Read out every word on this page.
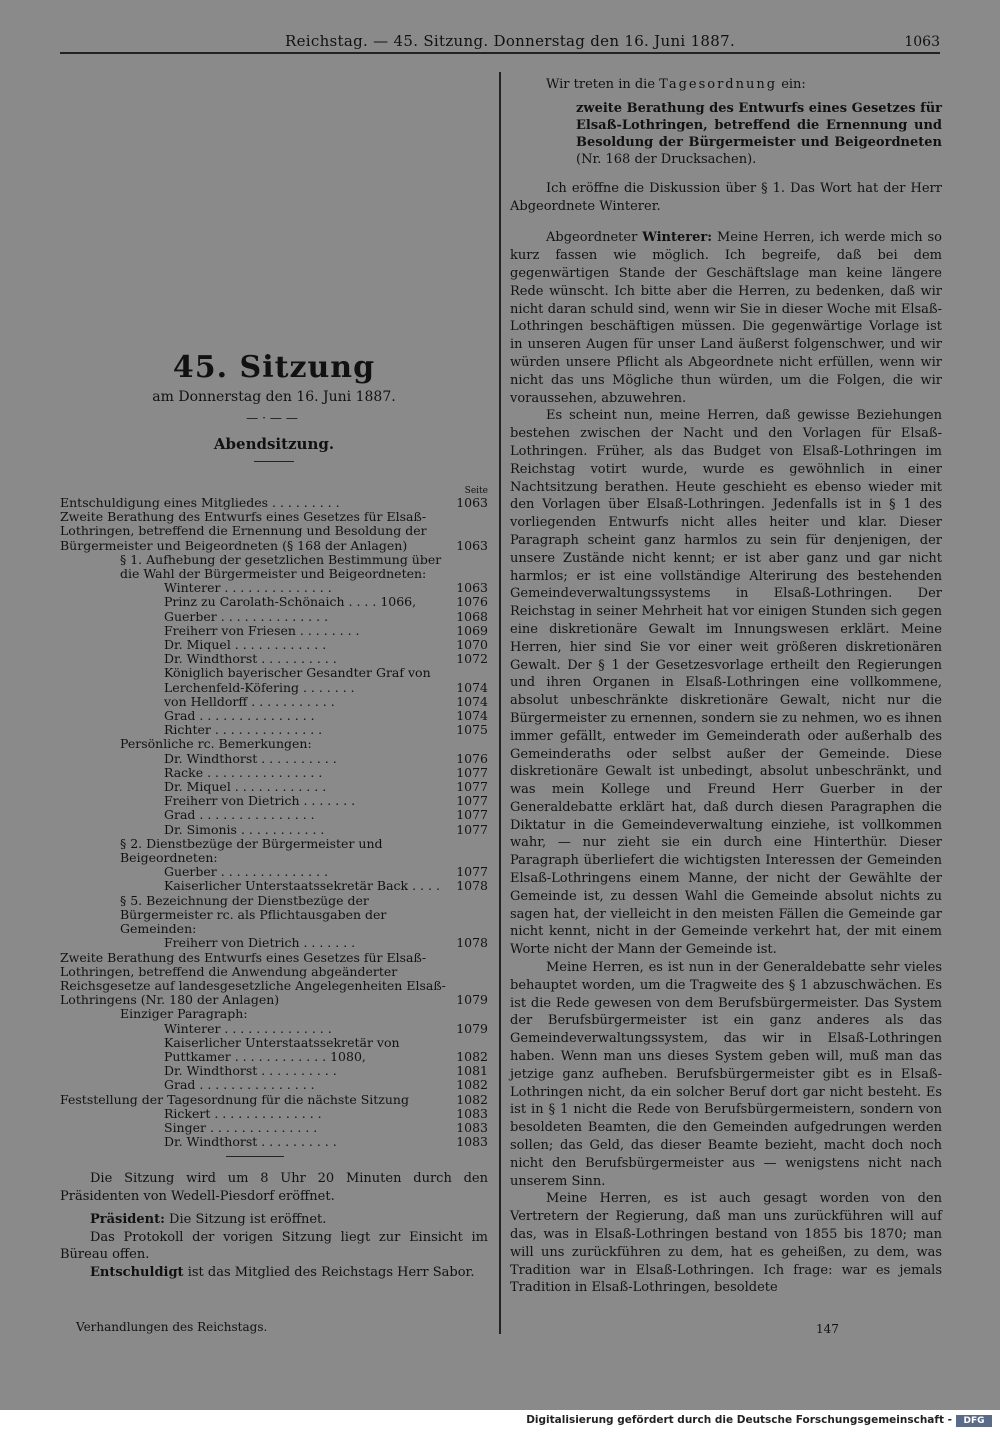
Reichstag. — 45. Sitzung. Donnerstag den 16. Juni 1887.	1063
45. Sitzung
am Donnerstag den 16. Juni 1887.
—·——
Abendsitzung.
Seite
Entschuldigung eines Mitgliedes . . . . . . . . .	1063
Zweite Berathung des Entwurfs eines Gesetzes für Elsaß-Lothringen, betreffend die Ernennung und Besoldung der Bürgermeister und Beigeordneten (§ 168 der Anlagen)	1063
§ 1. Aufhebung der gesetzlichen Bestimmung über die Wahl der Bürgermeister und Beigeordneten:
Winterer . . . . . . . . . . . . . .	1063
Prinz zu Carolath-Schönaich . . . . 1066,	1076
Guerber . . . . . . . . . . . . . .	1068
Freiherr von Friesen . . . . . . . .	1069
Dr. Miquel . . . . . . . . . . . .	1070
Dr. Windthorst . . . . . . . . . .	1072
Königlich bayerischer Gesandter Graf von Lerchenfeld-Köfering . . . . . . .	1074
von Helldorff . . . . . . . . . . .	1074
Grad . . . . . . . . . . . . . . .	1074
Richter . . . . . . . . . . . . . .	1075
Persönliche rc. Bemerkungen:
Dr. Windthorst . . . . . . . . . .	1076
Racke . . . . . . . . . . . . . . .	1077
Dr. Miquel . . . . . . . . . . . .	1077
Freiherr von Dietrich . . . . . . .	1077
Grad . . . . . . . . . . . . . . .	1077
Dr. Simonis . . . . . . . . . . .	1077
§ 2. Dienstbezüge der Bürgermeister und Beigeordneten:
Guerber . . . . . . . . . . . . . .	1077
Kaiserlicher Unterstaatssekretär Back . . . .	1078
§ 5. Bezeichnung der Dienstbezüge der Bürgermeister rc. als Pflichtausgaben der Gemeinden:
Freiherr von Dietrich . . . . . . .	1078
Zweite Berathung des Entwurfs eines Gesetzes für Elsaß-Lothringen, betreffend die Anwendung abgeänderter Reichsgesetze auf landesgesetzliche Angelegenheiten Elsaß-Lothringens (Nr. 180 der Anlagen)	1079
Einziger Paragraph:
Winterer . . . . . . . . . . . . . .	1079
Kaiserlicher Unterstaatssekretär von Puttkamer . . . . . . . . . . . . 1080,	1082
Dr. Windthorst . . . . . . . . . .	1081
Grad . . . . . . . . . . . . . . .	1082
Feststellung der Tagesordnung für die nächste Sitzung	1082
Rickert . . . . . . . . . . . . . .	1083
Singer . . . . . . . . . . . . . .	1083
Dr. Windthorst . . . . . . . . . .	1083

Die Sitzung wird um 8 Uhr 20 Minuten durch den Präsidenten von Wedell-Piesdorf eröffnet.

Präsident: Die Sitzung ist eröffnet.

Das Protokoll der vorigen Sitzung liegt zur Einsicht im Büreau offen.

Entschuldigt ist das Mitglied des Reichstags Herr Sabor.

Verhandlungen des Reichstags.	147

Wir treten in die Tagesordnung ein:

zweite Berathung des Entwurfs eines Gesetzes für Elsaß-Lothringen, betreffend die Ernennung und Besoldung der Bürgermeister und Beigeordneten (Nr. 168 der Drucksachen).

Ich eröffne die Diskussion über § 1. Das Wort hat der Herr Abgeordnete Winterer.

Abgeordneter Winterer: Meine Herren, ich werde mich so kurz fassen wie möglich. Ich begreife, daß bei dem gegenwärtigen Stande der Geschäftslage man keine längere Rede wünscht. Ich bitte aber die Herren, zu bedenken, daß wir nicht daran schuld sind, wenn wir Sie in dieser Woche mit Elsaß-Lothringen beschäftigen müssen. Die gegenwärtige Vorlage ist in unseren Augen für unser Land äußerst folgenschwer, und wir würden unsere Pflicht als Abgeordnete nicht erfüllen, wenn wir nicht das uns Mögliche thun würden, um die Folgen, die wir voraussehen, abzuwehren.

Es scheint nun, meine Herren, daß gewisse Beziehungen bestehen zwischen der Nacht und den Vorlagen für Elsaß-Lothringen. Früher, als das Budget von Elsaß-Lothringen im Reichstag votirt wurde, wurde es gewöhnlich in einer Nachtsitzung berathen. Heute geschieht es ebenso wieder mit den Vorlagen über Elsaß-Lothringen. Jedenfalls ist in § 1 des vorliegenden Entwurfs nicht alles heiter und klar. Dieser Paragraph scheint ganz harmlos zu sein für denjenigen, der unsere Zustände nicht kennt; er ist aber ganz und gar nicht harmlos; er ist eine vollständige Alterirung des bestehenden Gemeindeverwaltungssystems in Elsaß-Lothringen. Der Reichstag in seiner Mehrheit hat vor einigen Stunden sich gegen eine diskretionäre Gewalt im Innungswesen erklärt. Meine Herren, hier sind Sie vor einer weit größeren diskretionären Gewalt. Der § 1 der Gesetzesvorlage ertheilt den Regierungen und ihren Organen in Elsaß-Lothringen eine vollkommene, absolut unbeschränkte diskretionäre Gewalt, nicht nur die Bürgermeister zu ernennen, sondern sie zu nehmen, wo es ihnen immer gefällt, entweder im Gemeinderath oder außerhalb des Gemeinderaths oder selbst außer der Gemeinde. Diese diskretionäre Gewalt ist unbedingt, absolut unbeschränkt, und was mein Kollege und Freund Herr Guerber in der Generaldebatte erklärt hat, daß durch diesen Paragraphen die Diktatur in die Gemeindeverwaltung einziehe, ist vollkommen wahr, — nur zieht sie ein durch eine Hinterthür. Dieser Paragraph überliefert die wichtigsten Interessen der Gemeinden Elsaß-Lothringens einem Manne, der nicht der Gewählte der Gemeinde ist, zu dessen Wahl die Gemeinde absolut nichts zu sagen hat, der vielleicht in den meisten Fällen die Gemeinde gar nicht kennt, nicht in der Gemeinde verkehrt hat, der mit einem Worte nicht der Mann der Gemeinde ist.

Meine Herren, es ist nun in der Generaldebatte sehr vieles behauptet worden, um die Tragweite des § 1 abzuschwächen. Es ist die Rede gewesen von dem Berufsbürgermeister. Das System der Berufsbürgermeister ist ein ganz anderes als das Gemeindeverwaltungssystem, das wir in Elsaß-Lothringen haben. Wenn man uns dieses System geben will, muß man das jetzige ganz aufheben. Berufsbürgermeister gibt es in Elsaß-Lothringen nicht, da ein solcher Beruf dort gar nicht besteht. Es ist in § 1 nicht die Rede von Berufsbürgermeistern, sondern von besoldeten Beamten, die den Gemeinden aufgedrungen werden sollen; das Geld, das dieser Beamte bezieht, macht doch noch nicht den Berufsbürgermeister aus — wenigstens nicht nach unserem Sinn.

Meine Herren, es ist auch gesagt worden von den Vertretern der Regierung, daß man uns zurückführen will auf das, was in Elsaß-Lothringen bestand von 1855 bis 1870; man will uns zurückführen zu dem, hat es geheißen, zu dem, was Tradition war in Elsaß-Lothringen. Ich frage: war es jemals Tradition in Elsaß-Lothringen, besoldete

Digitalisierung gefördert durch die Deutsche Forschungsgemeinschaft -	DFG
